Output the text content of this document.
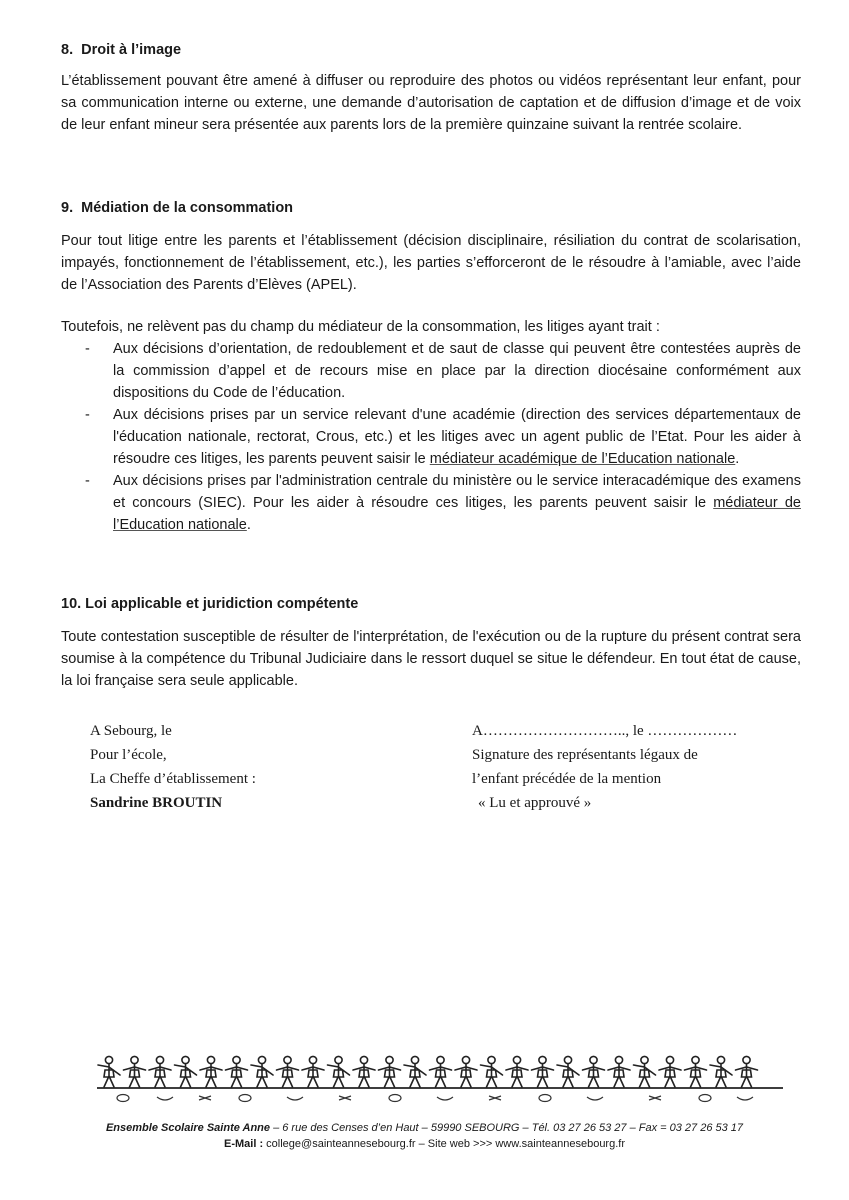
8.  Droit à l’image

L’établissement pouvant être amené à diffuser ou reproduire des photos ou vidéos représentant leur enfant, pour sa communication interne ou externe, une demande d’autorisation de captation et de diffusion d’image et de voix de leur enfant mineur sera présentée aux parents lors de la première quinzaine suivant la rentrée scolaire.

9.  Médiation de la consommation

Pour tout litige entre les parents et l’établissement (décision disciplinaire, résiliation du contrat de scolarisation, impayés, fonctionnement de l’établissement, etc.), les parties s’efforceront de le résoudre à l’amiable, avec l’aide de l’Association des Parents d’Elèves (APEL).

Toutefois, ne relèvent pas du champ du médiateur de la consommation, les litiges ayant trait :

- Aux décisions d’orientation, de redoublement et de saut de classe qui peuvent être contestées auprès de la commission d’appel et de recours mise en place par la direction diocésaine conformément aux dispositions du Code de l’éducation.
- Aux décisions prises par un service relevant d'une académie (direction des services départementaux de l'éducation nationale, rectorat, Crous, etc.) et les litiges avec un agent public de l’Etat. Pour les aider à résoudre ces litiges, les parents peuvent saisir le médiateur académique de l’Education nationale.
- Aux décisions prises par l'administration centrale du ministère ou le service interacadémique des examens et concours (SIEC). Pour les aider à résoudre ces litiges, les parents peuvent saisir le médiateur de l’Education nationale.
10. Loi applicable et juridiction compétente

Toute contestation susceptible de résulter de l'interprétation, de l'exécution ou de la rupture du présent contrat sera soumise à la compétence du Tribunal Judiciaire dans le ressort duquel se situe le défendeur. En tout état de cause, la loi française sera seule applicable.

A Sebourg, le
Pour l’école,
La Cheffe d’établissement :
Sandrine BROUTIN
A……………………….., le ………………
Signature des représentants légaux de
l’enfant précédée de la mention
« Lu et approuvé »
Ensemble Scolaire Sainte Anne – 6 rue des Censes d’en Haut – 59990 SEBOURG – Tél. 03 27 26 53 27 – Fax = 03 27 26 53 17
E-Mail : college@sainteannesebourg.fr – Site web >>> www.sainteannesebourg.fr
